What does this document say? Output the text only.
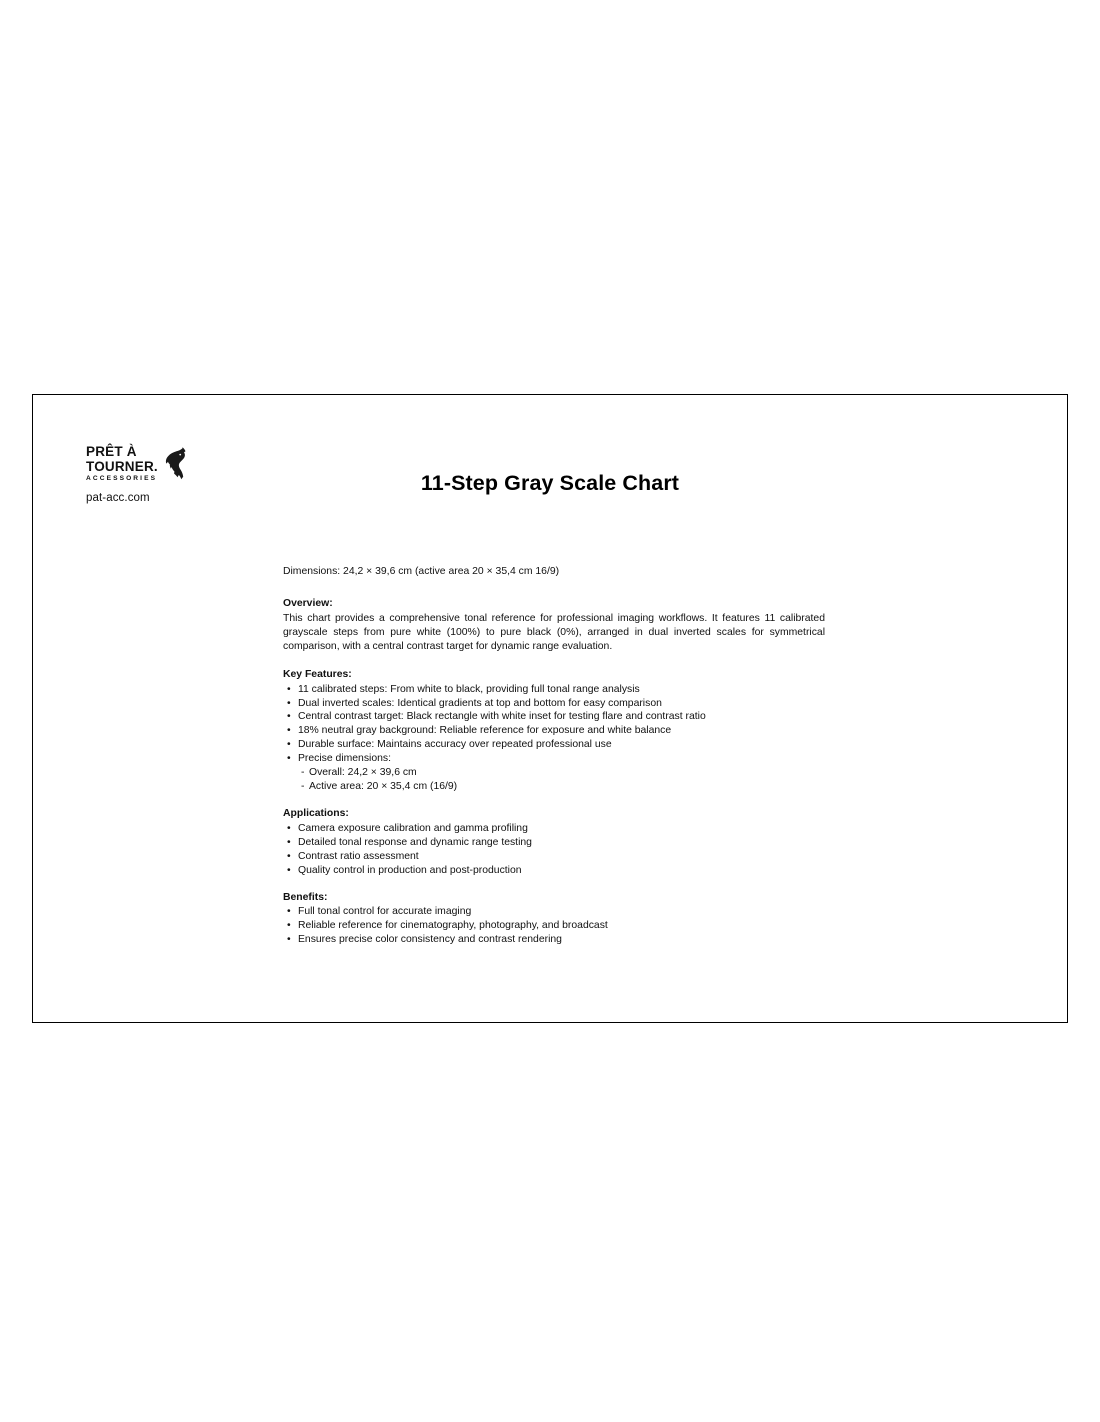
PRÊT À
TOURNER.
ACCESSORIES
pat-acc.com
11-Step Gray Scale Chart
Dimensions: 24,2 × 39,6 cm (active area 20 × 35,4 cm 16/9)
Overview:
This chart provides a comprehensive tonal reference for professional imaging workflows. It features 11 calibrated grayscale steps from pure white (100%) to pure black (0%), arranged in dual inverted scales for symmetrical comparison, with a central contrast target for dynamic range evaluation.
Key Features:
• 11 calibrated steps: From white to black, providing full tonal range analysis
• Dual inverted scales: Identical gradients at top and bottom for easy comparison
• Central contrast target: Black rectangle with white inset for testing flare and contrast ratio
• 18% neutral gray background: Reliable reference for exposure and white balance
• Durable surface: Maintains accuracy over repeated professional use
• Precise dimensions:
- Overall: 24,2 × 39,6 cm
- Active area: 20 × 35,4 cm (16/9)
Applications:
• Camera exposure calibration and gamma profiling
• Detailed tonal response and dynamic range testing
• Contrast ratio assessment
• Quality control in production and post-production
Benefits:
• Full tonal control for accurate imaging
• Reliable reference for cinematography, photography, and broadcast
• Ensures precise color consistency and contrast rendering
